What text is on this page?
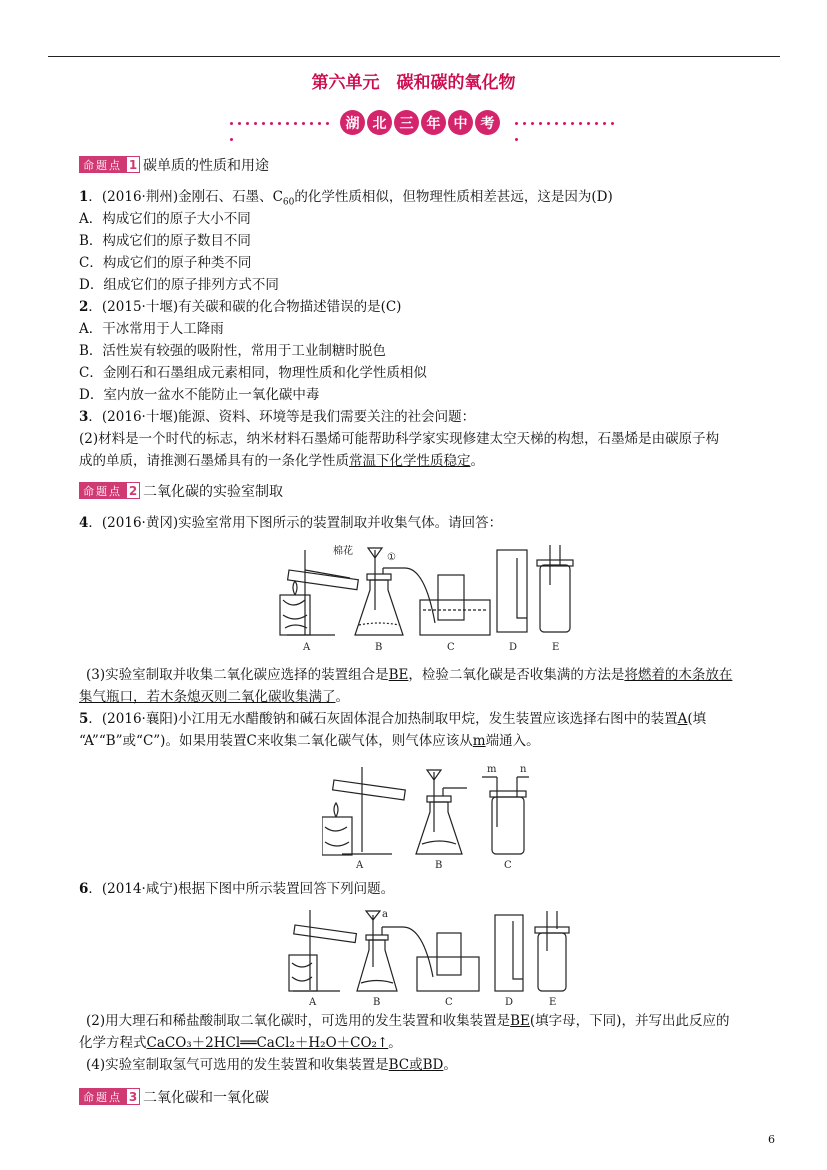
第六单元　碳和碳的氧化物
湖 北 三 年 中 考
命题点 1 碳单质的性质和用途
1．(2016·荆州)金刚石、石墨、$C_{60}$的化学性质相似，但物理性质相差甚远，这是因为(D)
A．构成它们的原子大小不同
B．构成它们的原子数目不同
C．构成它们的原子种类不同
D．组成它们的原子排列方式不同
2．(2015·十堰)有关碳和碳的化合物描述错误的是(C)
A．干冰常用于人工降雨
B．活性炭有较强的吸附性，常用于工业制糖时脱色
C．金刚石和石墨组成元素相同，物理性质和化学性质相似
D．室内放一盆水不能防止一氧化碳中毒
3．(2016·十堰)能源、资料、环境等是我们需要关注的社会问题：
(2)材料是一个时代的标志，纳米材料石墨烯可能帮助科学家实现修建太空天梯的构想，石墨烯是由碳原子构
成的单质，请推测石墨烯具有的一条化学性质常温下化学性质稳定。
命题点 2 二氧化碳的实验室制取
4．(2016·黄冈)实验室常用下图所示的装置制取并收集气体。请回答：
A	B	C	D	E
棉花
①
(3)实验室制取并收集二氧化碳应选择的装置组合是BE，检验二氧化碳是否收集满的方法是将燃着的木条放在
集气瓶口，若木条熄灭则二氧化碳收集满了。
5．(2016·襄阳)小江用无水醋酸钠和碱石灰固体混合加热制取甲烷，发生装置应该选择右图中的装置A(填
“A”“B”或“C”)。如果用装置C来收集二氧化碳气体，则气体应该从m端通入。
A	B	C
m n
6．(2014·咸宁)根据下图中所示装置回答下列问题。
A	B	C	D	E
a
(2)用大理石和稀盐酸制取二氧化碳时，可选用的发生装置和收集装置是BE(填字母，下同)，并写出此反应的
化学方程式CaCO₃＋2HCl══CaCl₂＋H₂O＋CO₂↑。
(4)实验室制取氢气可选用的发生装置和收集装置是BC或BD。
命题点 3 二氧化碳和一氧化碳
6
